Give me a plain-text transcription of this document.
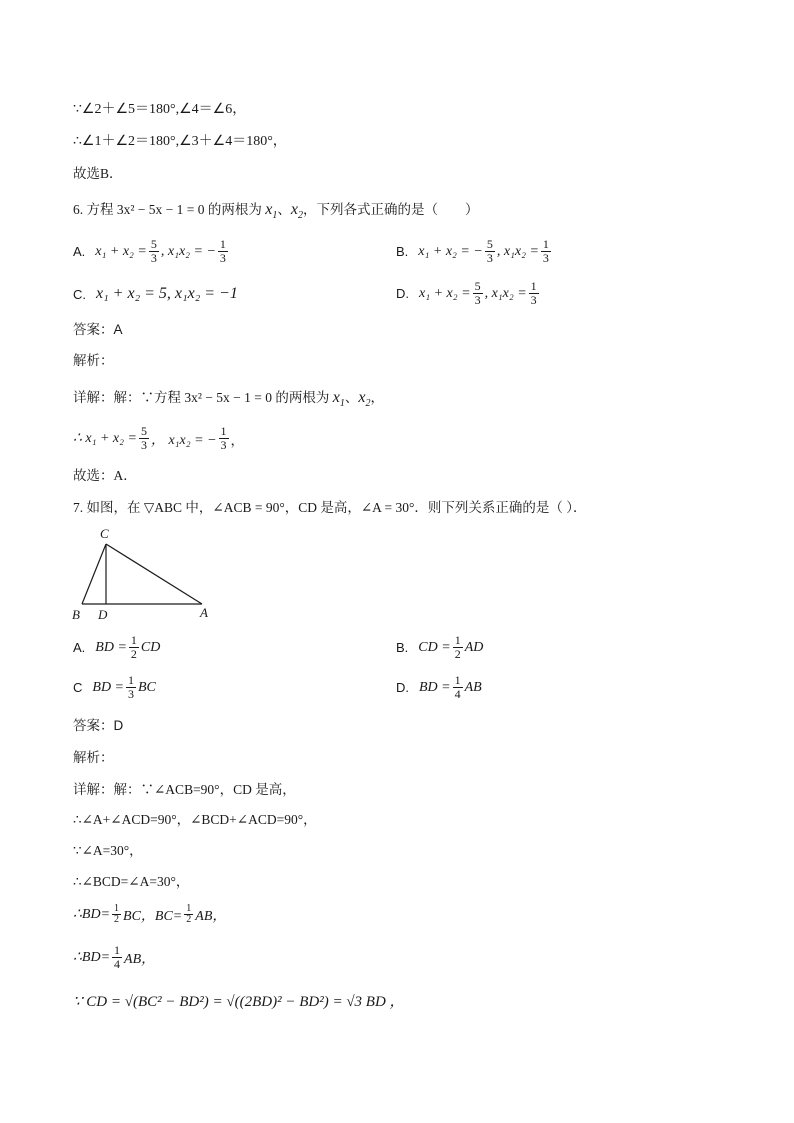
∵∠2＋∠5＝180°,∠4＝∠6，
∴∠1＋∠2＝180°,∠3＋∠4＝180°，
故选B．
6. 方程 3x² − 5x − 1 = 0 的两根为 $x_1$、$x_2$，下列各式正确的是（　　）
A. $x_1 + x_2 = \frac{5}{3}$ , x₁x₂ = − $\frac{1}{3}$	B. x₁ + x₂ = − $\frac{5}{3}$ , $x_1x_2 = \frac{1}{3}$
C. x₁ + x₂ = 5, x₁x₂ = −1	D. $x_1 + x_2 = \frac{5}{3}$ , $x_1x_2 = \frac{1}{3}$
答案：A
解析：
详解：解：∵方程 3x² − 5x − 1 = 0 的两根为 $x_1$、$x_2$，
∴ $x_1 + x_2 = \frac{5}{3}$ ， x₁x₂ = − $\frac{1}{3}$ ，
故选：A．
7. 如图，在 ▽ABC 中，∠ACB = 90°，CD 是高，∠A = 30°．则下列关系正确的是（ ）．
C
B D	A
A. BD = $\frac{1}{2}$ CD	B. CD = $\frac{1}{2}$ AD
C BD = $\frac{1}{3}$ BC	D. BD = $\frac{1}{4}$ AB
答案：D
解析：
详解：解：∵∠ACB=90°，CD 是高，
∴∠A+∠ACD=90°，∠BCD+∠ACD=90°，
∵∠A=30°，
∴∠BCD=∠A=30°，
∴BD= $\frac{1}{2}$ BC，$BC= \frac{1}{2}$ AB，
∴BD= $\frac{1}{4}$ AB，
∵ CD = √(BC² − BD²) = √((2BD)² − BD²) = √3 BD ，
